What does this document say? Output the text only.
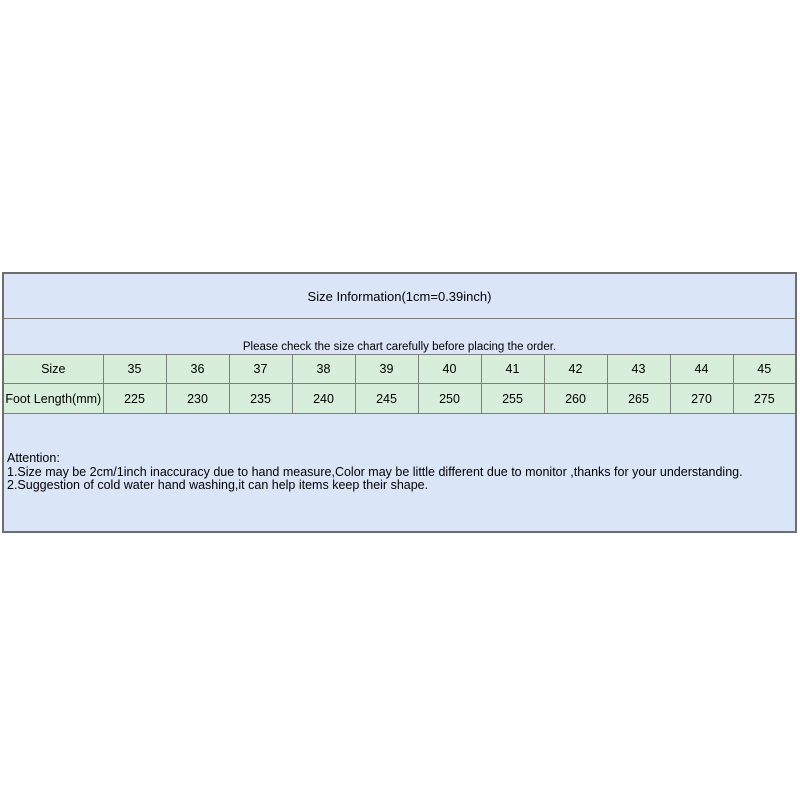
Size Information(1cm=0.39inch)											
Please check the size chart carefully before placing the order.											
Size	35	36	37	38	39	40	41	42	43	44	45
Foot Length(mm)	225	230	235	240	245	250	255	260	265	270	275

Attention:
1.Size may be 2cm/1inch inaccuracy due to hand measure,Color may be little different due to monitor ,thanks for your understanding.
2.Suggestion of cold water hand washing,it can help items keep their shape.											
